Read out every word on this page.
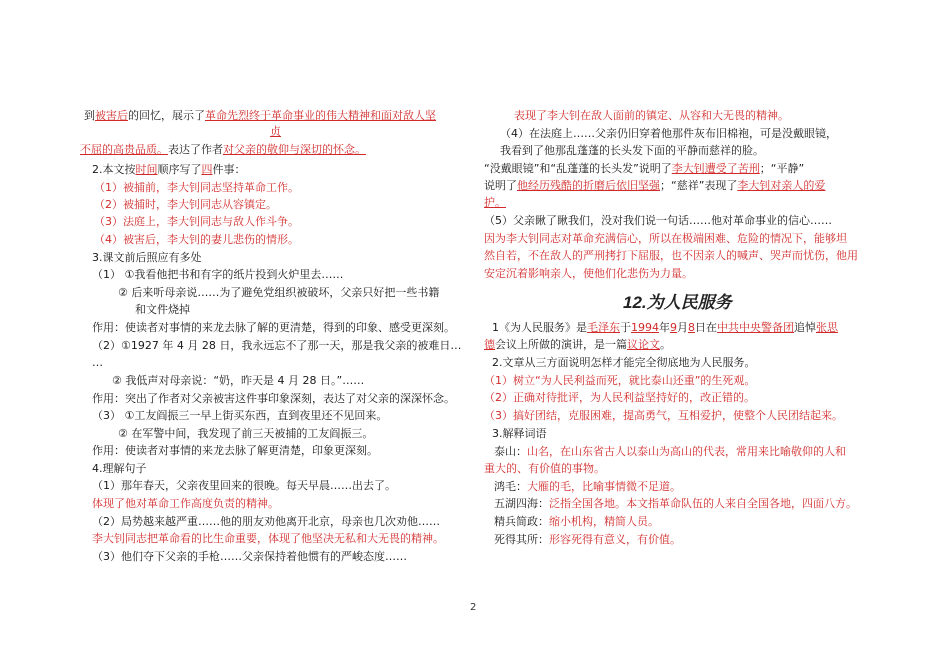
到被害后的回忆，展示了革命先烈终于革命事业的伟大精神和面对敌人坚
贞
不屈的高贵品质。表达了作者对父亲的敬仰与深切的怀念。
2.本文按时间顺序写了四件事：
（1）被捕前，李大钊同志坚持革命工作。
（2）被捕时，李大钊同志从容镇定。
（3）法庭上，李大钊同志与敌人作斗争。
（4）被害后，李大钊的妻儿悲伤的情形。
3.课文前后照应有多处
（1） ①我看他把书和有字的纸片投到火炉里去……
② 后来听母亲说……为了避免党组织被破坏，父亲只好把一些书籍
和文件烧掉
作用：使读者对事情的来龙去脉了解的更清楚，得到的印象、感受更深刻。
（2）①1927 年 4 月 28 日，我永远忘不了那一天，那是我父亲的被难日…
…
② 我低声对母亲说：“奶，昨天是 4 月 28 日。”……
作用：突出了作者对父亲被害这件事印象深刻，表达了对父亲的深深怀念。
（3） ①工友阎振三一早上街买东西，直到夜里还不见回来。
② 在军警中间，我发现了前三天被捕的工友阎振三。
作用：使读者对事情的来龙去脉了解更清楚，印象更深刻。
4.理解句子
（1）那年春天，父亲夜里回来的很晚。每天早晨……出去了。
体现了他对革命工作高度负责的精神。
（2）局势越来越严重……他的朋友劝他离开北京，母亲也几次劝他……
李大钊同志把革命看的比生命重要，体现了他坚决无私和大无畏的精神。
（3）他们夺下父亲的手枪……父亲保持着他惯有的严峻态度……
表现了李大钊在敌人面前的镇定、从容和大无畏的精神。
（4）在法庭上……父亲仍旧穿着他那件灰布旧棉袍，可是没戴眼镜，
我看到了他那乱蓬蓬的长头发下面的平静而慈祥的脸。
“没戴眼镜”和“乱蓬蓬的长头发”说明了李大钊遭受了苦刑；“平静”
说明了他经历残酷的折磨后依旧坚强；“慈祥”表现了李大钊对亲人的爱
护。
（5）父亲瞅了瞅我们，没对我们说一句话……他对革命事业的信心……
因为李大钊同志对革命充满信心，所以在极端困难、危险的情况下，能够坦
然自若，不在敌人的严刑拷打下屈服，也不因亲人的喊声、哭声而忧伤，他用
安定沉着影响亲人，使他们化悲伤为力量。
12.为人民服务
1《为人民服务》是毛泽东于1994年9月8日在中共中央警备团追悼张思
德会议上所做的演讲，是一篇议论文。
2.文章从三方面说明怎样才能完全彻底地为人民服务。
（1）树立“为人民利益而死，就比泰山还重”的生死观。
（2）正确对待批评，为人民利益坚持好的，改正错的。
（3）搞好团结，克服困难，提高勇气，互相爱护，使整个人民团结起来。
3.解释词语
泰山：山名，在山东省古人以泰山为高山的代表，常用来比喻敬仰的人和
重大的、有价值的事物。
鸿毛：大雁的毛，比喻事情微不足道。
五湖四海：泛指全国各地。本文指革命队伍的人来自全国各地，四面八方。
精兵简政：缩小机构，精简人员。
死得其所：形容死得有意义，有价值。
2
